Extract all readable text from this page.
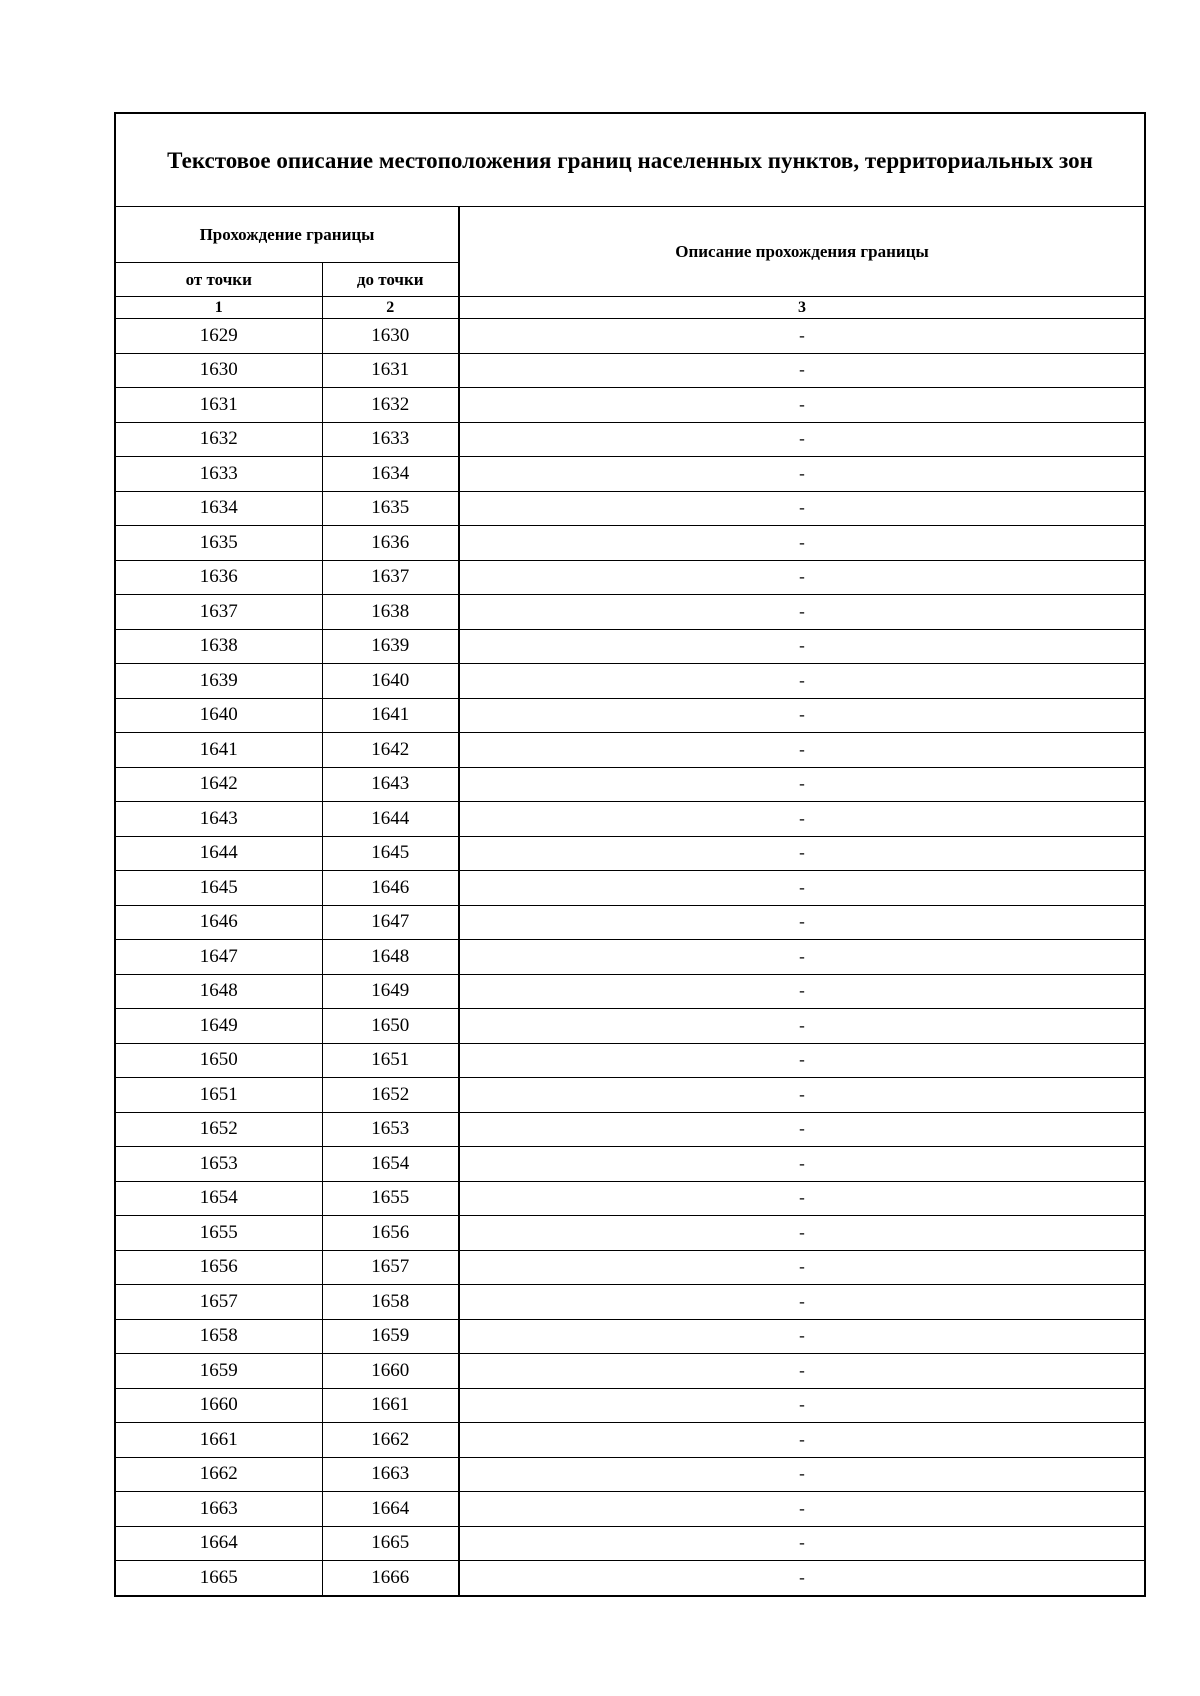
Текстовое описание местоположения границ населенных пунктов, территориальных зон		
Прохождение границы		Описание прохождения границы
от точки	до точки	
1	2	3
1629	1630	-
1630	1631	-
1631	1632	-
1632	1633	-
1633	1634	-
1634	1635	-
1635	1636	-
1636	1637	-
1637	1638	-
1638	1639	-
1639	1640	-
1640	1641	-
1641	1642	-
1642	1643	-
1643	1644	-
1644	1645	-
1645	1646	-
1646	1647	-
1647	1648	-
1648	1649	-
1649	1650	-
1650	1651	-
1651	1652	-
1652	1653	-
1653	1654	-
1654	1655	-
1655	1656	-
1656	1657	-
1657	1658	-
1658	1659	-
1659	1660	-
1660	1661	-
1661	1662	-
1662	1663	-
1663	1664	-
1664	1665	-
1665	1666	-
